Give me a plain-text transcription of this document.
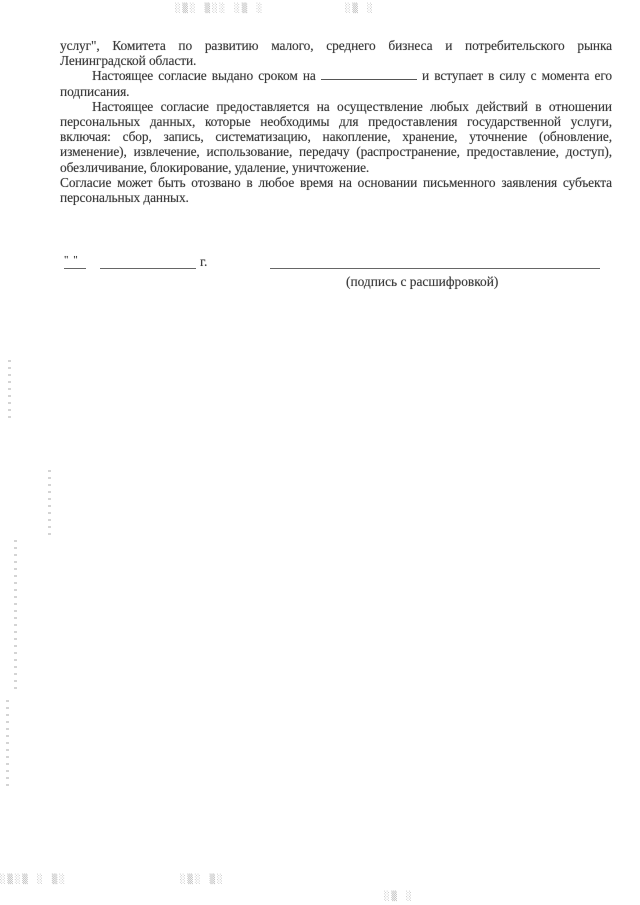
░▒░ ▒░░ ░▒ ░	░▒ ░
░▒░▒ ░ ▒░	░▒░ ▒░
░▒ ░

услуг", Комитета по развитию малого, среднего бизнеса и потребительского рынка Ленинградской области.

Настоящее согласие выдано сроком на	и вступает в силу с момента его подписания.

Настоящее согласие предоставляется на осуществление любых действий в отношении персональных данных, которые необходимы для предоставления государственной услуги, включая: сбор, запись, систематизацию, накопление, хранение, уточнение (обновление, изменение), извлечение, использование, передачу (распространение, предоставление, доступ), обезличивание, блокирование, удаление, уничтожение.

Согласие может быть отозвано в любое время на основании письменного заявления субъекта персональных данных.

" "	г.
(подпись с расшифровкой)
